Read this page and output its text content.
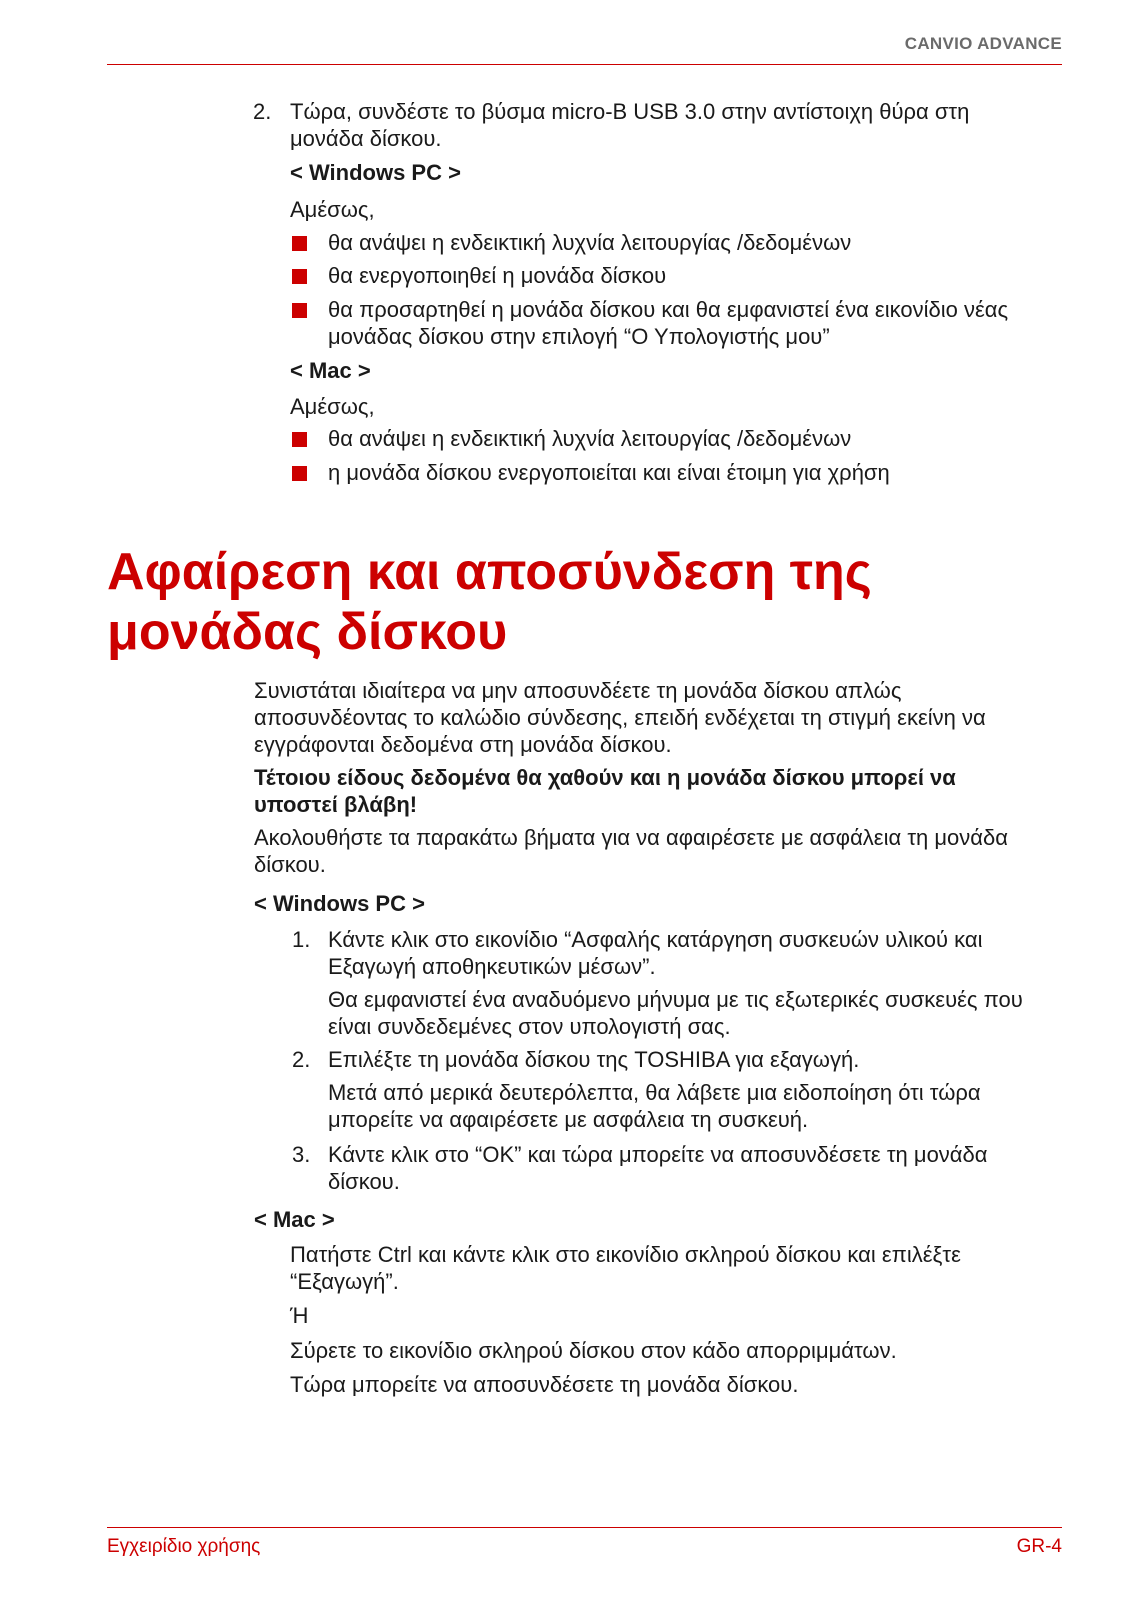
CANVIO ADVANCE
2. Τώρα, συνδέστε το βύσμα micro-B USB 3.0 στην αντίστοιχη θύρα στη μονάδα δίσκου.

< Windows PC >

Αμέσως,

θα ανάψει η ενδεικτική λυχνία λειτουργίας /δεδομένων

θα ενεργοποιηθεί η μονάδα δίσκου

θα προσαρτηθεί η μονάδα δίσκου και θα εμφανιστεί ένα εικονίδιο νέας μονάδας δίσκου στην επιλογή “Ο Υπολογιστής μου”

< Mac >

Αμέσως,

θα ανάψει η ενδεικτική λυχνία λειτουργίας /δεδομένων

η μονάδα δίσκου ενεργοποιείται και είναι έτοιμη για χρήση

Αφαίρεση και αποσύνδεση της μονάδας δίσκου

Συνιστάται ιδιαίτερα να μην αποσυνδέετε τη μονάδα δίσκου απλώς αποσυνδέοντας το καλώδιο σύνδεσης, επειδή ενδέχεται τη στιγμή εκείνη να εγγράφονται δεδομένα στη μονάδα δίσκου.

Τέτοιου είδους δεδομένα θα χαθούν και η μονάδα δίσκου μπορεί να υποστεί βλάβη!

Ακολουθήστε τα παρακάτω βήματα για να αφαιρέσετε με ασφάλεια τη μονάδα δίσκου.

< Windows PC >

1. Κάντε κλικ στο εικονίδιο “Ασφαλής κατάργηση συσκευών υλικού και Εξαγωγή αποθηκευτικών μέσων”.

Θα εμφανιστεί ένα αναδυόμενο μήνυμα με τις εξωτερικές συσκευές που είναι συνδεδεμένες στον υπολογιστή σας.

2. Επιλέξτε τη μονάδα δίσκου της TOSHIBA για εξαγωγή.

Μετά από μερικά δευτερόλεπτα, θα λάβετε μια ειδοποίηση ότι τώρα μπορείτε να αφαιρέσετε με ασφάλεια τη συσκευή.

3. Κάντε κλικ στο “OK” και τώρα μπορείτε να αποσυνδέσετε τη μονάδα δίσκου.

< Mac >

Πατήστε Ctrl και κάντε κλικ στο εικονίδιο σκληρού δίσκου και επιλέξτε “Εξαγωγή”.

Ή

Σύρετε το εικονίδιο σκληρού δίσκου στον κάδο απορριμμάτων.

Τώρα μπορείτε να αποσυνδέσετε τη μονάδα δίσκου.

Εγχειρίδιο χρήσης	GR-4
